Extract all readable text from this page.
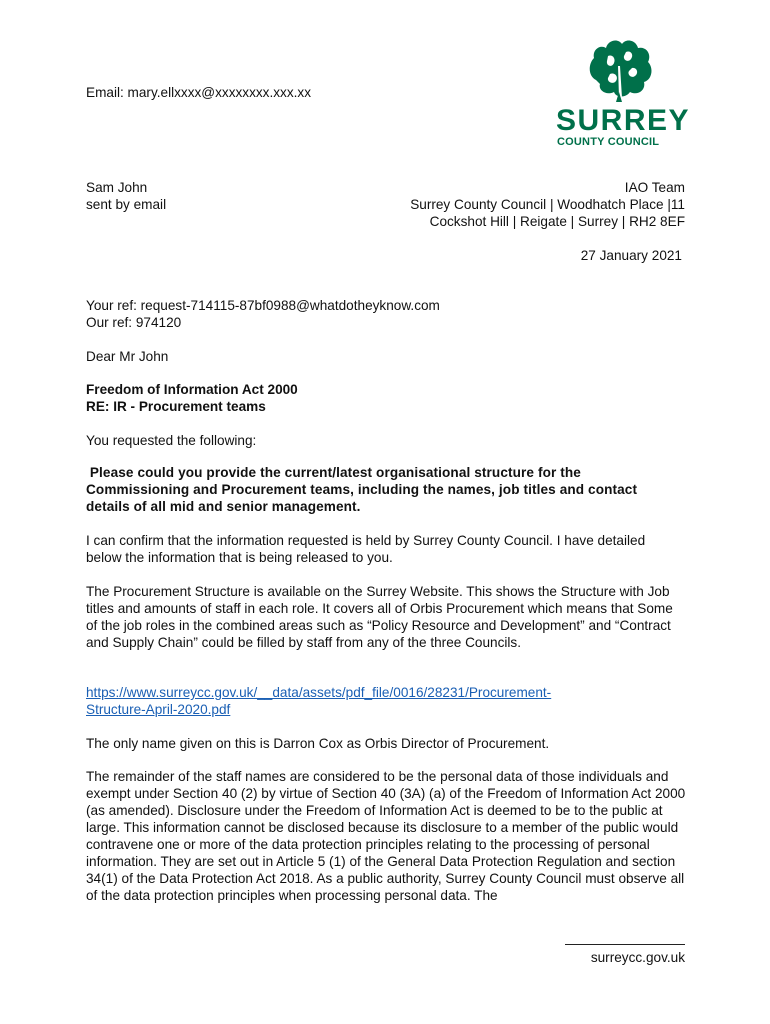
SURREY
COUNTY COUNCIL
Email: mary.ellxxxx@xxxxxxxx.xxx.xx
Sam John
sent by email
IAO Team
Surrey County Council | Woodhatch Place |11
Cockshot Hill | Reigate | Surrey | RH2 8EF
27 January 2021
Your ref: request-714115-87bf0988@whatdotheyknow.com
Our ref: 974120
Dear Mr John
Freedom of Information Act 2000
RE: IR - Procurement teams
You requested the following:
Please could you provide the current/latest organisational structure for the Commissioning and Procurement teams, including the names, job titles and contact details of all mid and senior management.
I can confirm that the information requested is held by Surrey County Council. I have detailed below the information that is being released to you.
The Procurement Structure is available on the Surrey Website. This shows the Structure with Job titles and amounts of staff in each role. It covers all of Orbis Procurement which means that Some of the job roles in the combined areas such as “Policy Resource and Development” and “Contract and Supply Chain” could be filled by staff from any of the three Councils.
https://www.surreycc.gov.uk/__data/assets/pdf_file/0016/28231/Procurement-
Structure-April-2020.pdf
The only name given on this is Darron Cox as Orbis Director of Procurement.
The remainder of the staff names are considered to be the personal data of those individuals and exempt under Section 40 (2) by virtue of Section 40 (3A) (a) of the Freedom of Information Act 2000 (as amended). Disclosure under the Freedom of Information Act is deemed to be to the public at large. This information cannot be disclosed because its disclosure to a member of the public would contravene one or more of the data protection principles relating to the processing of personal information. They are set out in Article 5 (1) of the General Data Protection Regulation and section 34(1) of the Data Protection Act 2018. As a public authority, Surrey County Council must observe all of the data protection principles when processing personal data. The
surreycc.gov.uk
